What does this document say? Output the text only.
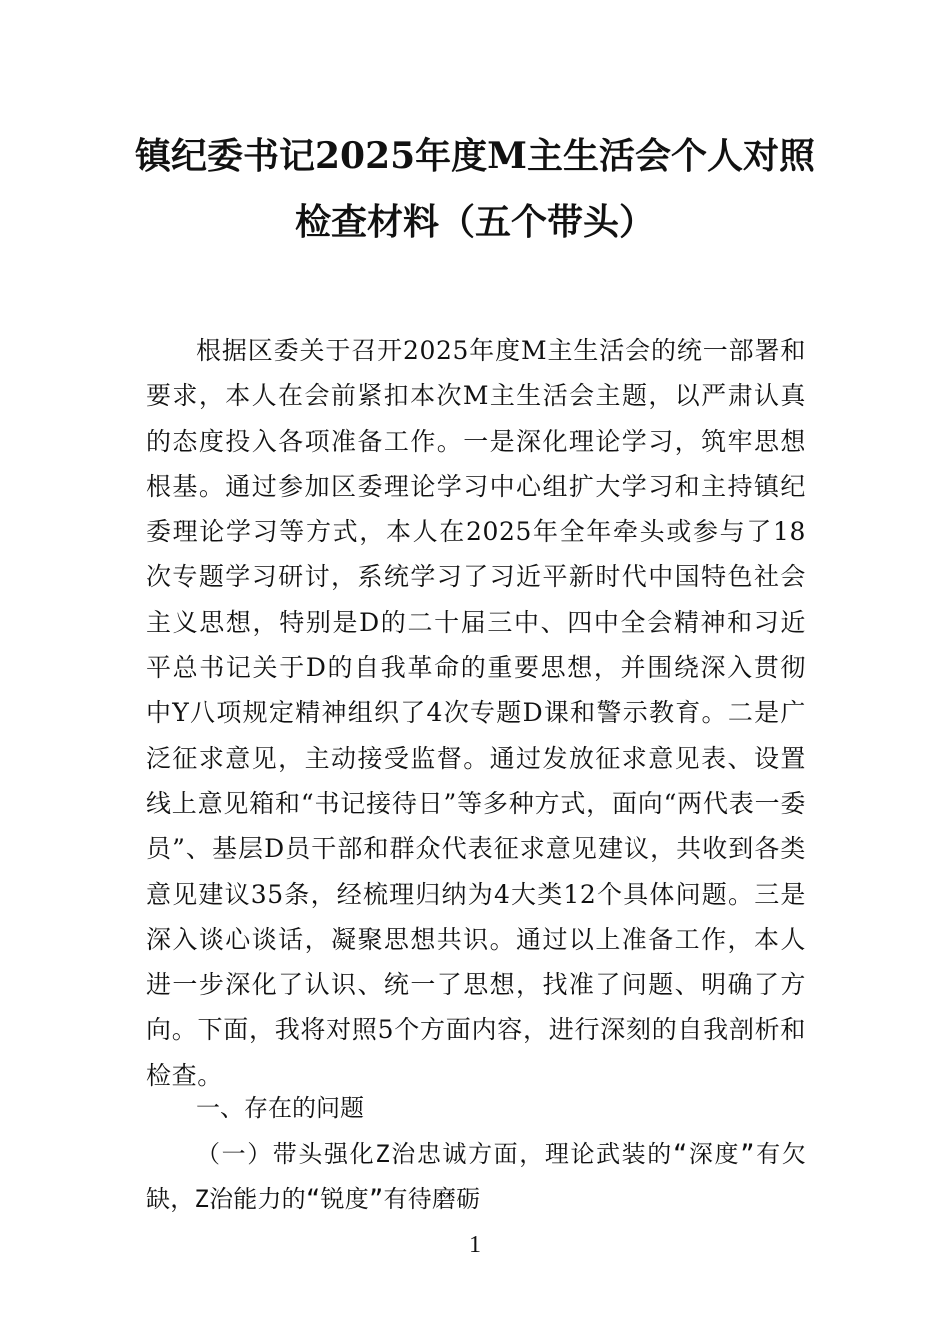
镇纪委书记2025年度M主生活会个人对照
检查材料（五个带头）

根据区委关于召开2025年度M主生活会的统一部署和要求，本人在会前紧扣本次M主生活会主题，以严肃认真的态度投入各项准备工作。一是深化理论学习，筑牢思想根基。通过参加区委理论学习中心组扩大学习和主持镇纪委理论学习等方式，本人在2025年全年牵头或参与了18次专题学习研讨，系统学习了习近平新时代中国特色社会主义思想，特别是D的二十届三中、四中全会精神和习近平总书记关于D的自我革命的重要思想，并围绕深入贯彻中Y八项规定精神组织了4次专题D课和警示教育。二是广泛征求意见，主动接受监督。通过发放征求意见表、设置线上意见箱和“书记接待日”等多种方式，面向“两代表一委员”、基层D员干部和群众代表征求意见建议，共收到各类意见建议35条，经梳理归纳为4大类12个具体问题。三是深入谈心谈话，凝聚思想共识。通过以上准备工作，本人进一步深化了认识、统一了思想，找准了问题、明确了方向。下面，我将对照5个方面内容，进行深刻的自我剖析和检查。

一、存在的问题

（一）带头强化Z治忠诚方面，理论武装的“深度”有欠缺，Z治能力的“锐度”有待磨砺

1
